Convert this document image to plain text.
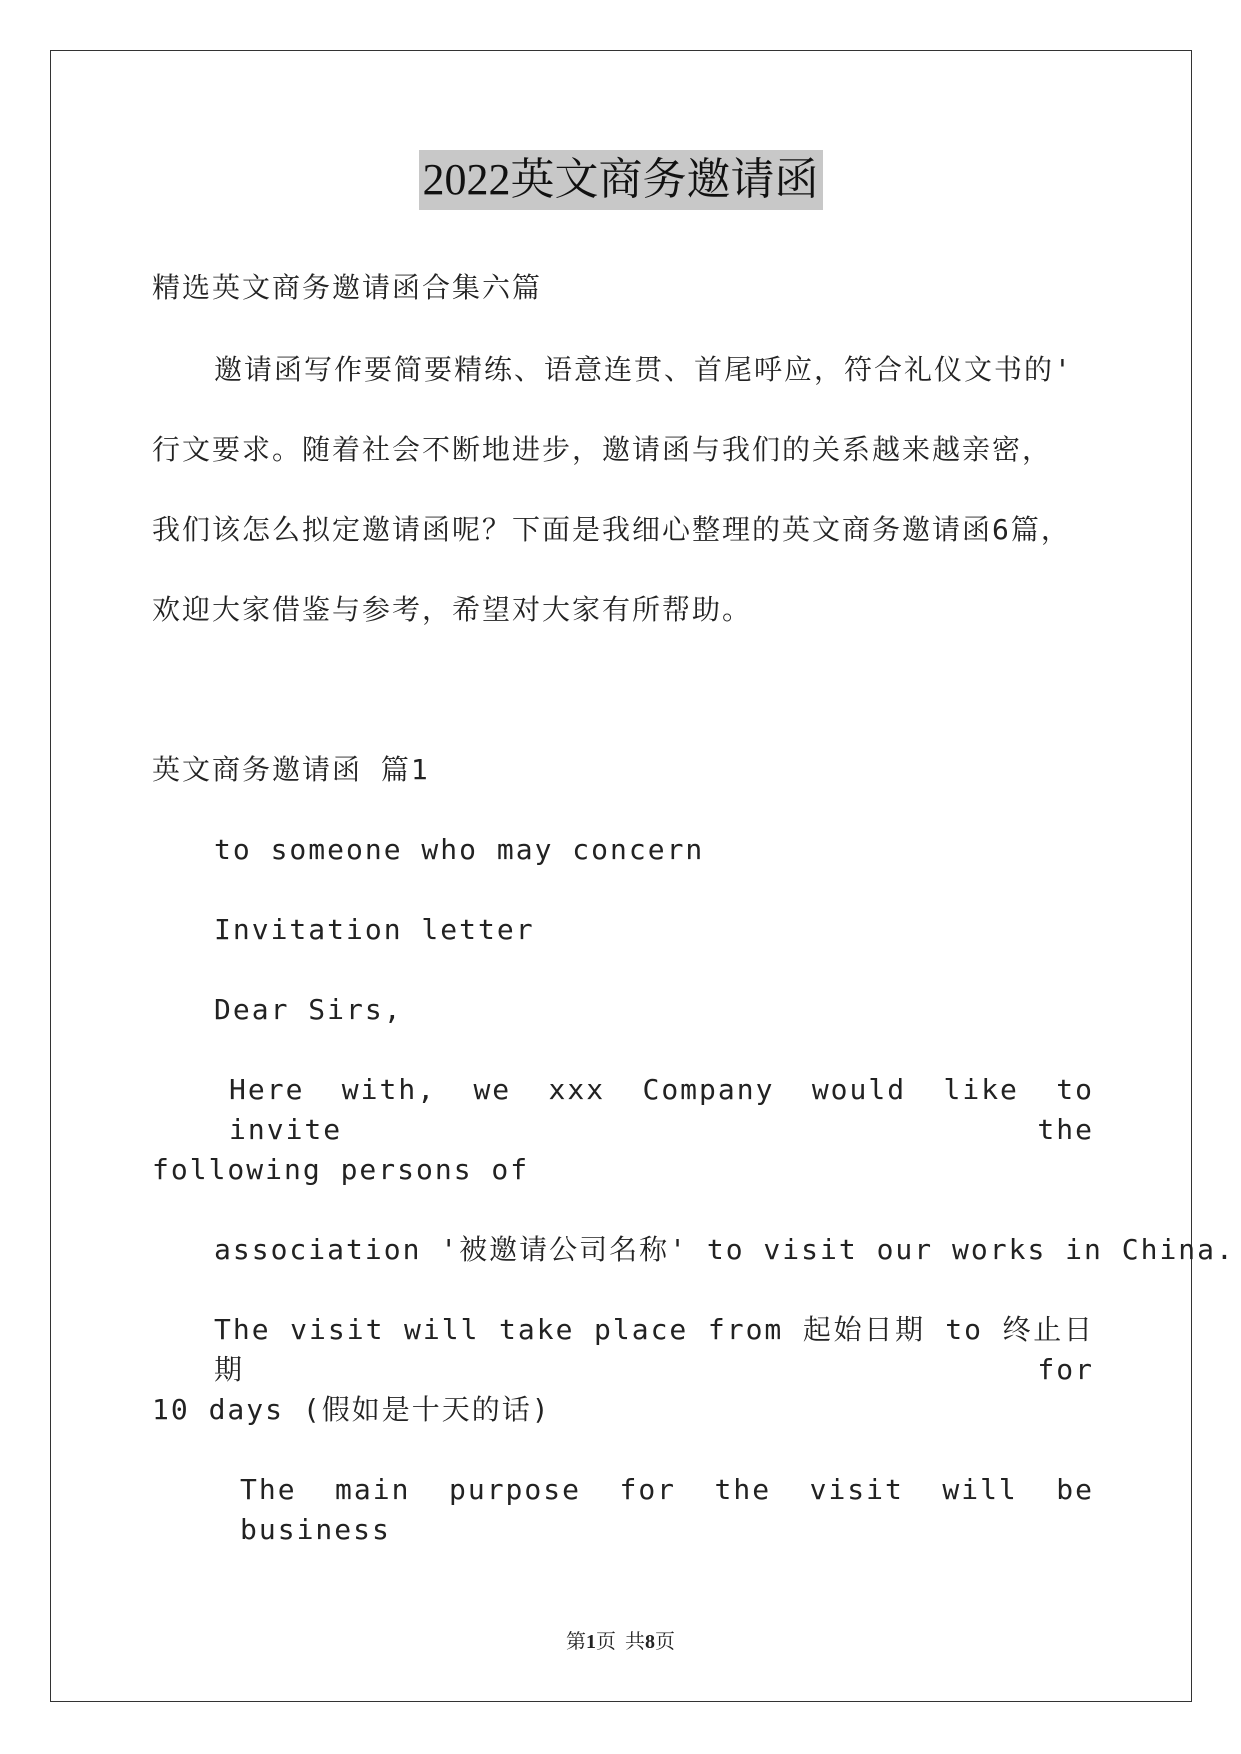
2022英文商务邀请函
精选英文商务邀请函合集六篇
邀请函写作要简要精练、语意连贯、首尾呼应，符合礼仪文书的'
行文要求。随着社会不断地进步，邀请函与我们的关系越来越亲密，
我们该怎么拟定邀请函呢？下面是我细心整理的英文商务邀请函6篇，
欢迎大家借鉴与参考，希望对大家有所帮助。
英文商务邀请函 篇1
to someone who may concern
Invitation letter
Dear Sirs,
Here with, we xxx Company would like to invite the
following persons of
association '被邀请公司名称' to visit our works in China.
The visit will take place from 起始日期 to 终止日期 for
10 days (假如是十天的话)
The main purpose for the visit will be business
第1页 共8页
